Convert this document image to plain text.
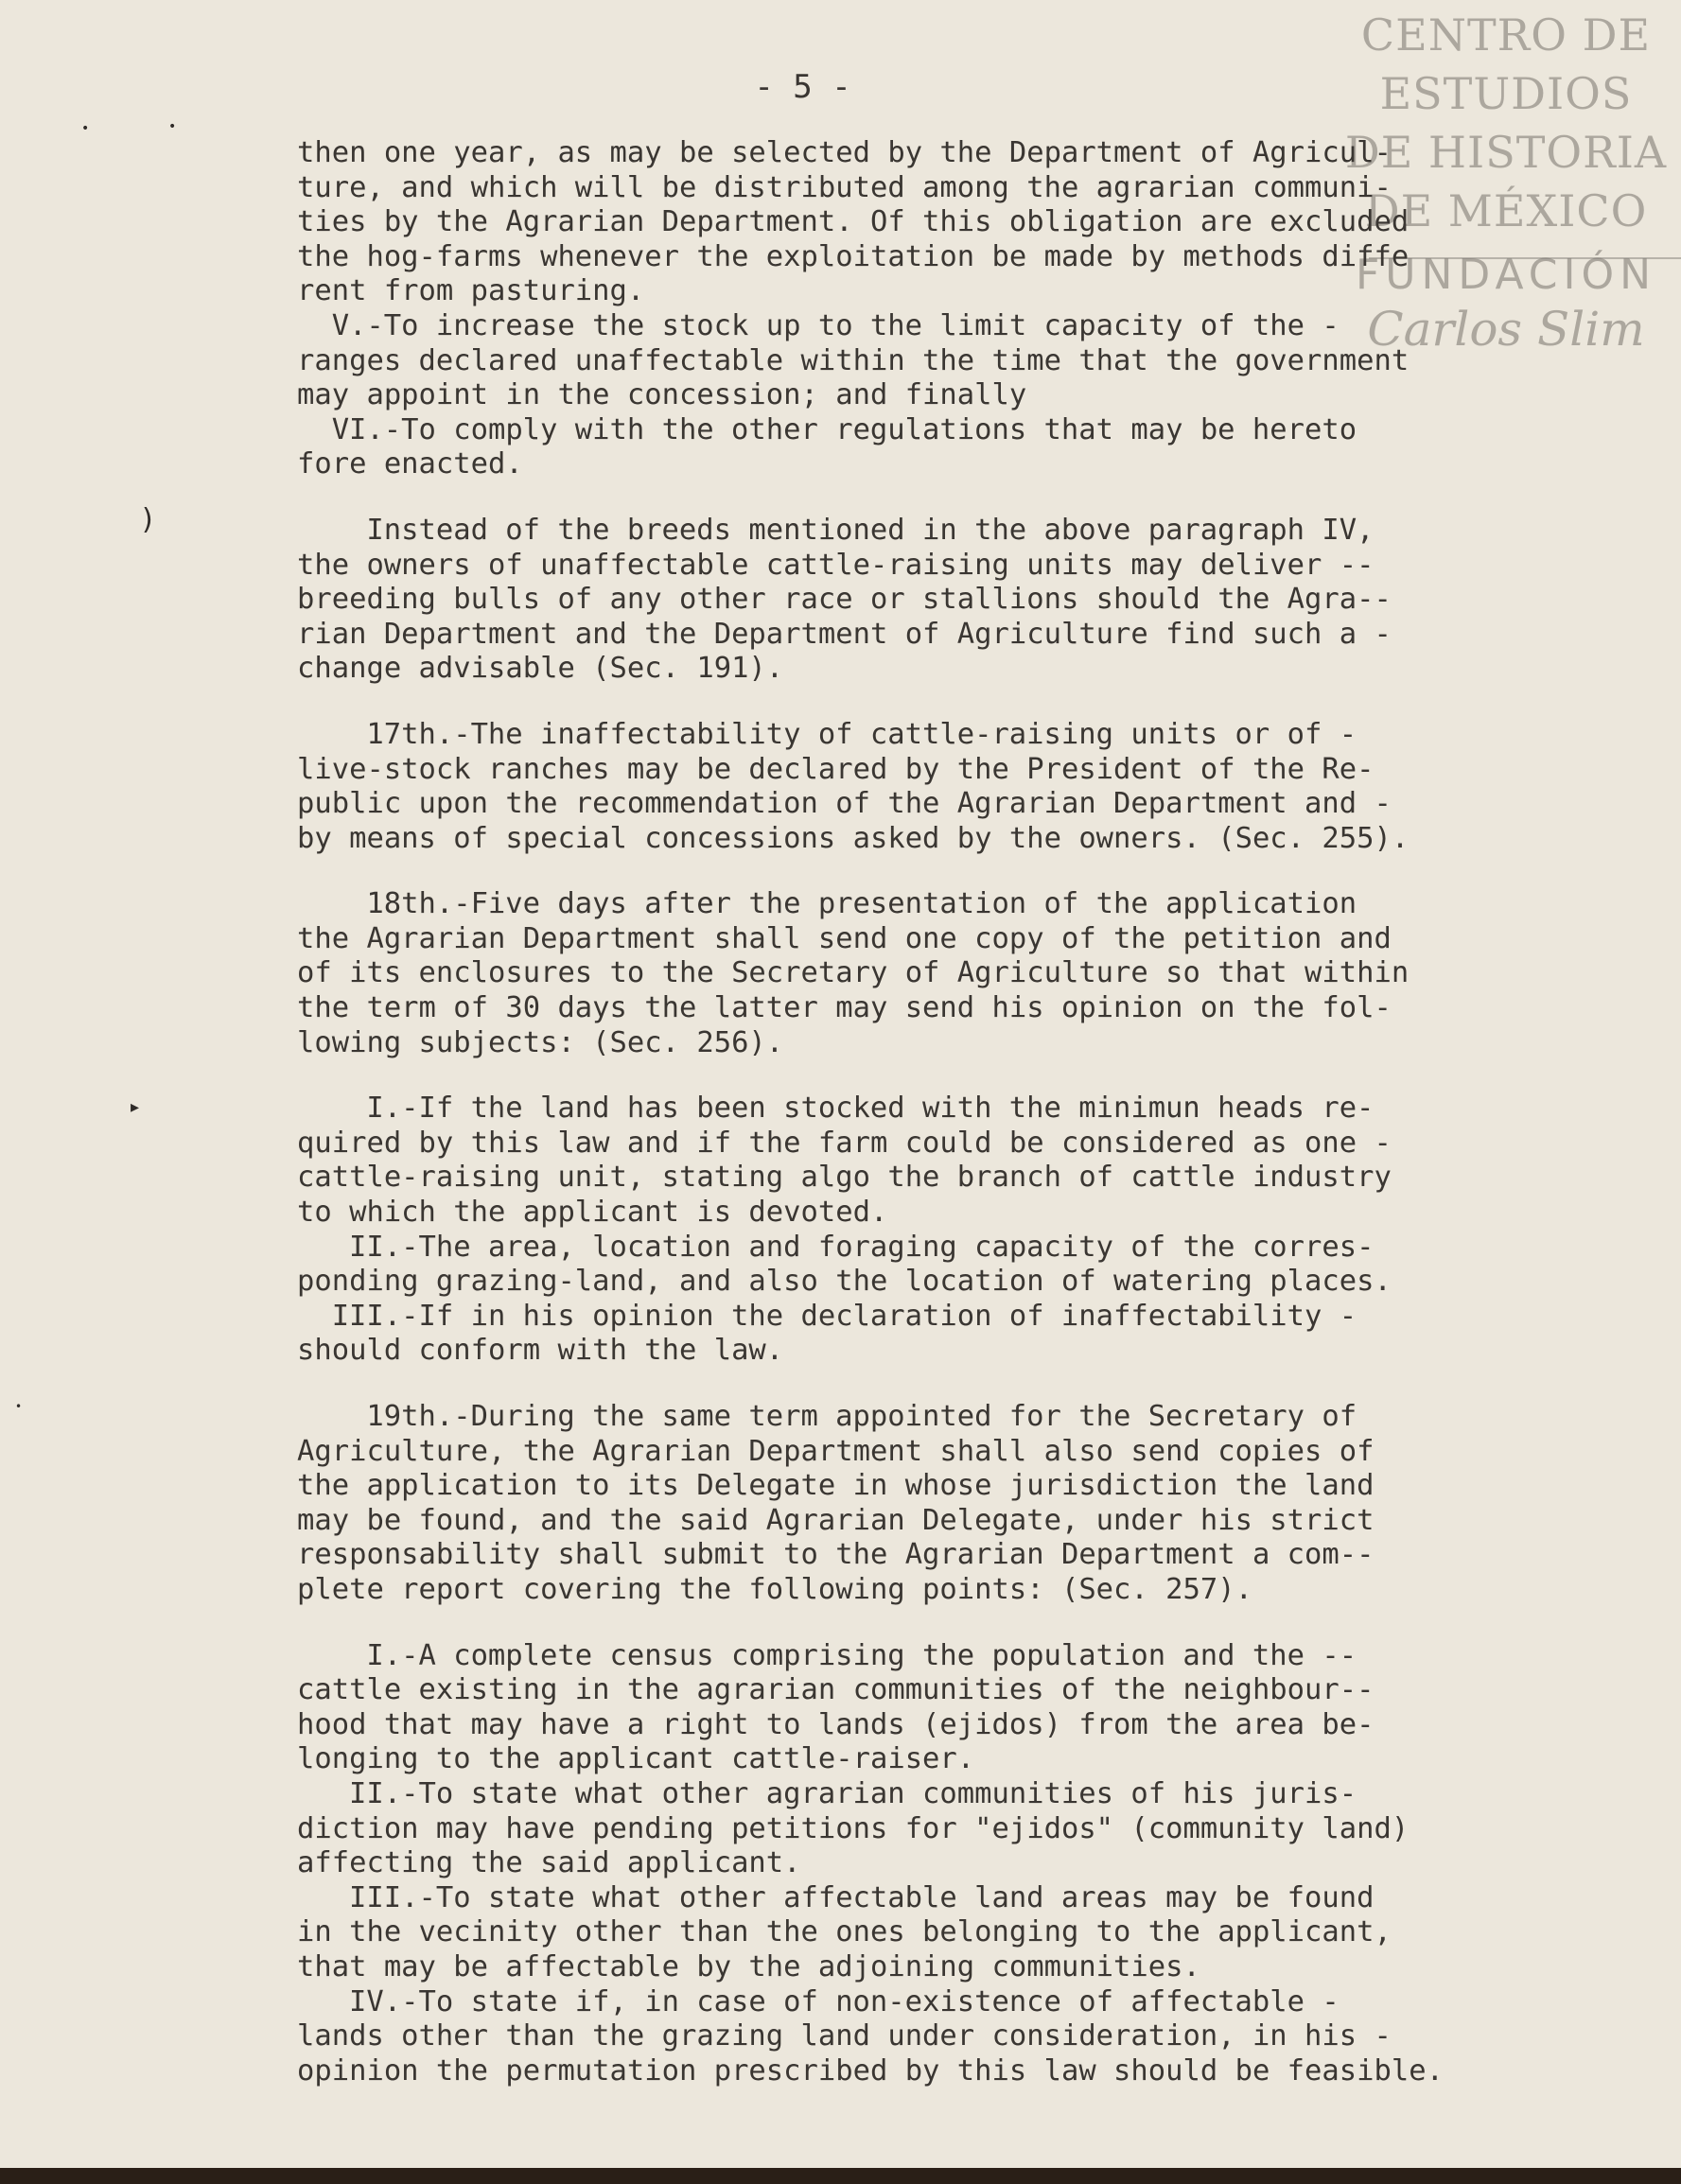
CENTRO DE
ESTUDIOS
DE HISTORIA
DE MÉXICO
FUNDACIÓN
Carlos Slim
- 5 -
then one year, as may be selected by the Department of Agricul-
ture, and which will be distributed among the agrarian communi-
ties by the Agrarian Department. Of this obligation are excluded
the hog-farms whenever the exploitation be made by methods diffe
rent from pasturing.
V.-To increase the stock up to the limit capacity of the -
ranges declared unaffectable within the time that the government
may appoint in the concession; and finally
VI.-To comply with the other regulations that may be hereto
fore enacted.
Instead of the breeds mentioned in the above paragraph IV,
the owners of unaffectable cattle-raising units may deliver --
breeding bulls of any other race or stallions should the Agra--
rian Department and the Department of Agriculture find such a -
change advisable (Sec. 191).
17th.-The inaffectability of cattle-raising units or of -
live-stock ranches may be declared by the President of the Re-
public upon the recommendation of the Agrarian Department and -
by means of special concessions asked by the owners. (Sec. 255).
18th.-Five days after the presentation of the application
the Agrarian Department shall send one copy of the petition and
of its enclosures to the Secretary of Agriculture so that within
the term of 30 days the latter may send his opinion on the fol-
lowing subjects: (Sec. 256).
I.-If the land has been stocked with the minimun heads re-
quired by this law and if the farm could be considered as one -
cattle-raising unit, stating algo the branch of cattle industry
to which the applicant is devoted.
II.-The area, location and foraging capacity of the corres-
ponding grazing-land, and also the location of watering places.
III.-If in his opinion the declaration of inaffectability -
should conform with the law.
19th.-During the same term appointed for the Secretary of
Agriculture, the Agrarian Department shall also send copies of
the application to its Delegate in whose jurisdiction the land
may be found, and the said Agrarian Delegate, under his strict
responsability shall submit to the Agrarian Department a com--
plete report covering the following points: (Sec. 257).
I.-A complete census comprising the population and the --
cattle existing in the agrarian communities of the neighbour--
hood that may have a right to lands (ejidos) from the area be-
longing to the applicant cattle-raiser.
II.-To state what other agrarian communities of his juris-
diction may have pending petitions for "ejidos" (community land)
affecting the said applicant.
III.-To state what other affectable land areas may be found
in the vecinity other than the ones belonging to the applicant,
that may be affectable by the adjoining communities.
IV.-To state if, in case of non-existence of affectable -
lands other than the grazing land under consideration, in his -
opinion the permutation prescribed by this law should be feasible.
•	•
)
▸
•
